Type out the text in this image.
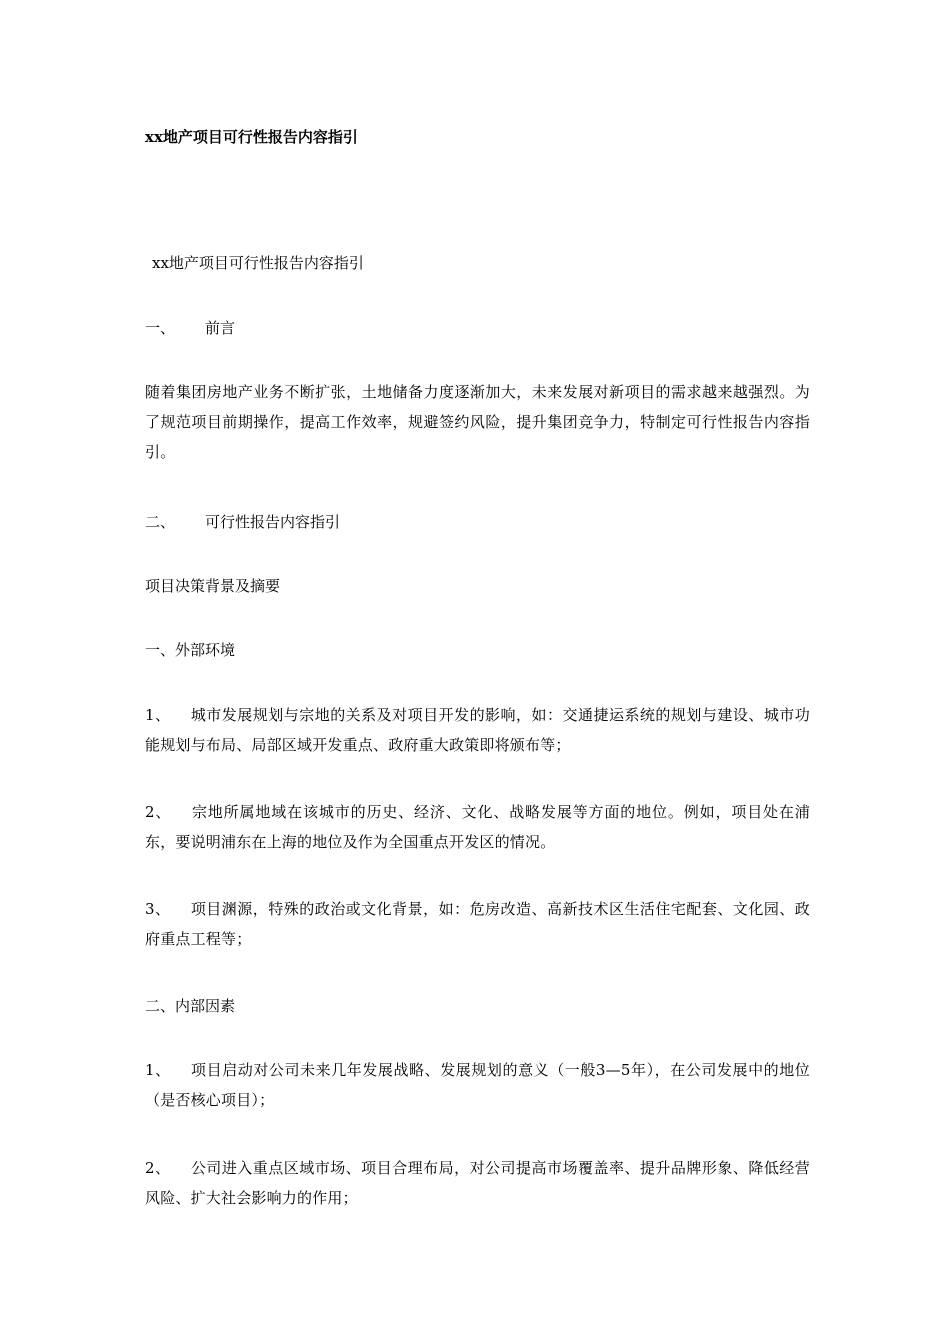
xx地产项目可行性报告内容指引
xx地产项目可行性报告内容指引
一、 前言
随着集团房地产业务不断扩张，土地储备力度逐渐加大，未来发展对新项目的需求越来越强烈。为了规范项目前期操作，提高工作效率，规避签约风险，提升集团竞争力，特制定可行性报告内容指引。
二、 可行性报告内容指引
项目决策背景及摘要
一、外部环境
1、 城市发展规划与宗地的关系及对项目开发的影响，如：交通捷运系统的规划与建设、城市功能规划与布局、局部区域开发重点、政府重大政策即将颁布等；
2、 宗地所属地域在该城市的历史、经济、文化、战略发展等方面的地位。例如，项目处在浦东，要说明浦东在上海的地位及作为全国重点开发区的情况。
3、 项目渊源，特殊的政治或文化背景，如：危房改造、高新技术区生活住宅配套、文化园、政府重点工程等；
二、内部因素
1、 项目启动对公司未来几年发展战略、发展规划的意义（一般3—5年），在公司发展中的地位（是否核心项目）；
2、 公司进入重点区域市场、项目合理布局，对公司提高市场覆盖率、提升品牌形象、降低经营风险、扩大社会影响力的作用；
